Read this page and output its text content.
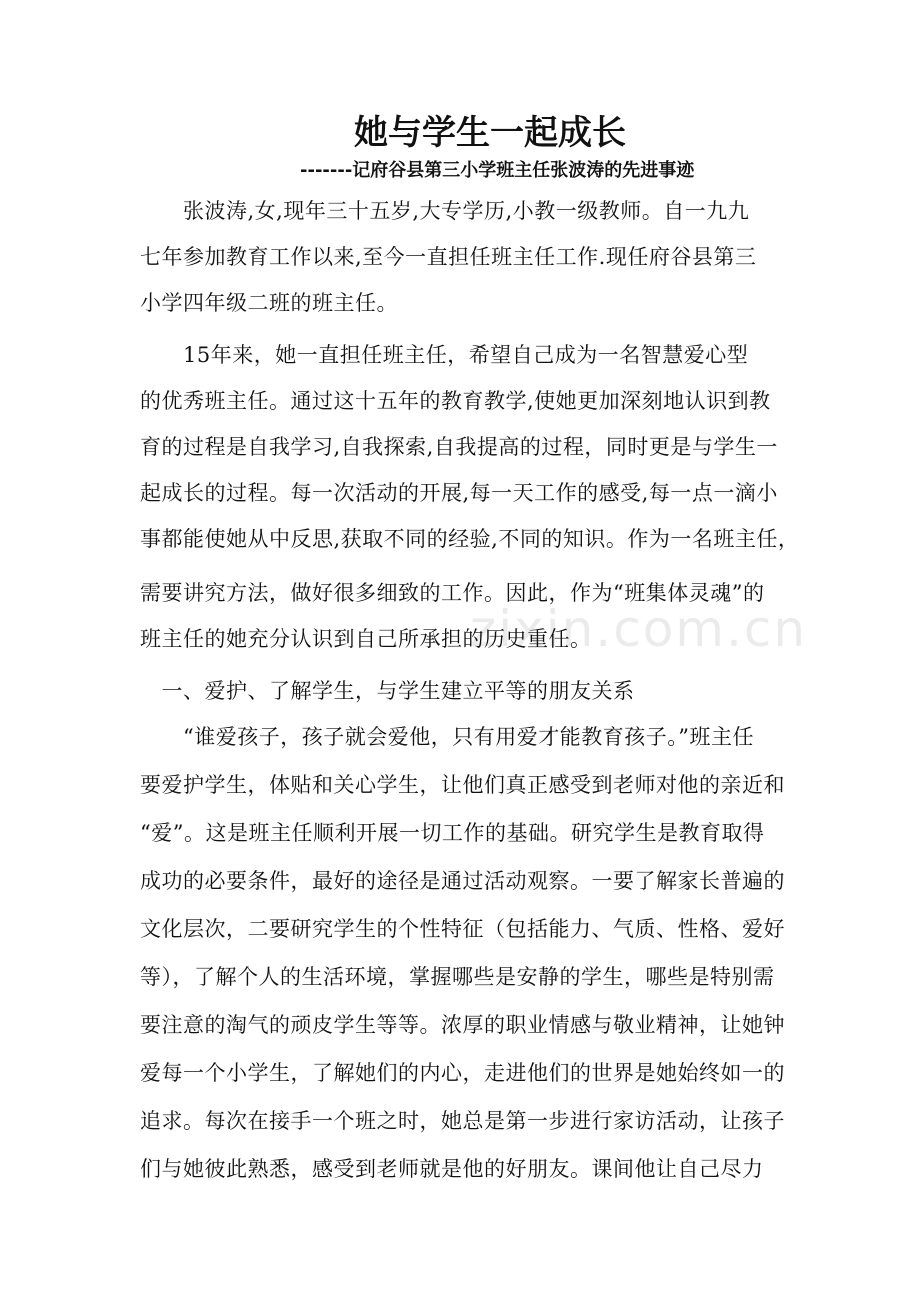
她与学生一起成长
-------记府谷县第三小学班主任张波涛的先进事迹
zixin.com.cn
　　张波涛,女,现年三十五岁,大专学历,小教一级教师。自一九九
七年参加教育工作以来,至今一直担任班主任工作.现任府谷县第三
小学四年级二班的班主任。
　　15年来，她一直担任班主任，希望自己成为一名智慧爱心型
的优秀班主任。通过这十五年的教育教学,使她更加深刻地认识到教
育的过程是自我学习,自我探索,自我提高的过程，同时更是与学生一
起成长的过程。每一次活动的开展,每一天工作的感受,每一点一滴小
事都能使她从中反思,获取不同的经验,不同的知识。作为一名班主任，
需要讲究方法，做好很多细致的工作。因此，作为“班集体灵魂”的
班主任的她充分认识到自己所承担的历史重任。
　一、爱护、了解学生，与学生建立平等的朋友关系
　　“谁爱孩子，孩子就会爱他，只有用爱才能教育孩子。”班主任
要爱护学生，体贴和关心学生，让他们真正感受到老师对他的亲近和
“爱”。这是班主任顺利开展一切工作的基础。研究学生是教育取得
成功的必要条件，最好的途径是通过活动观察。一要了解家长普遍的
文化层次，二要研究学生的个性特征（包括能力、气质、性格、爱好
等），了解个人的生活环境，掌握哪些是安静的学生，哪些是特别需
要注意的淘气的顽皮学生等等。浓厚的职业情感与敬业精神，让她钟
爱每一个小学生，了解她们的内心，走进他们的世界是她始终如一的
追求。每次在接手一个班之时，她总是第一步进行家访活动，让孩子
们与她彼此熟悉，感受到老师就是他的好朋友。课间他让自己尽力
